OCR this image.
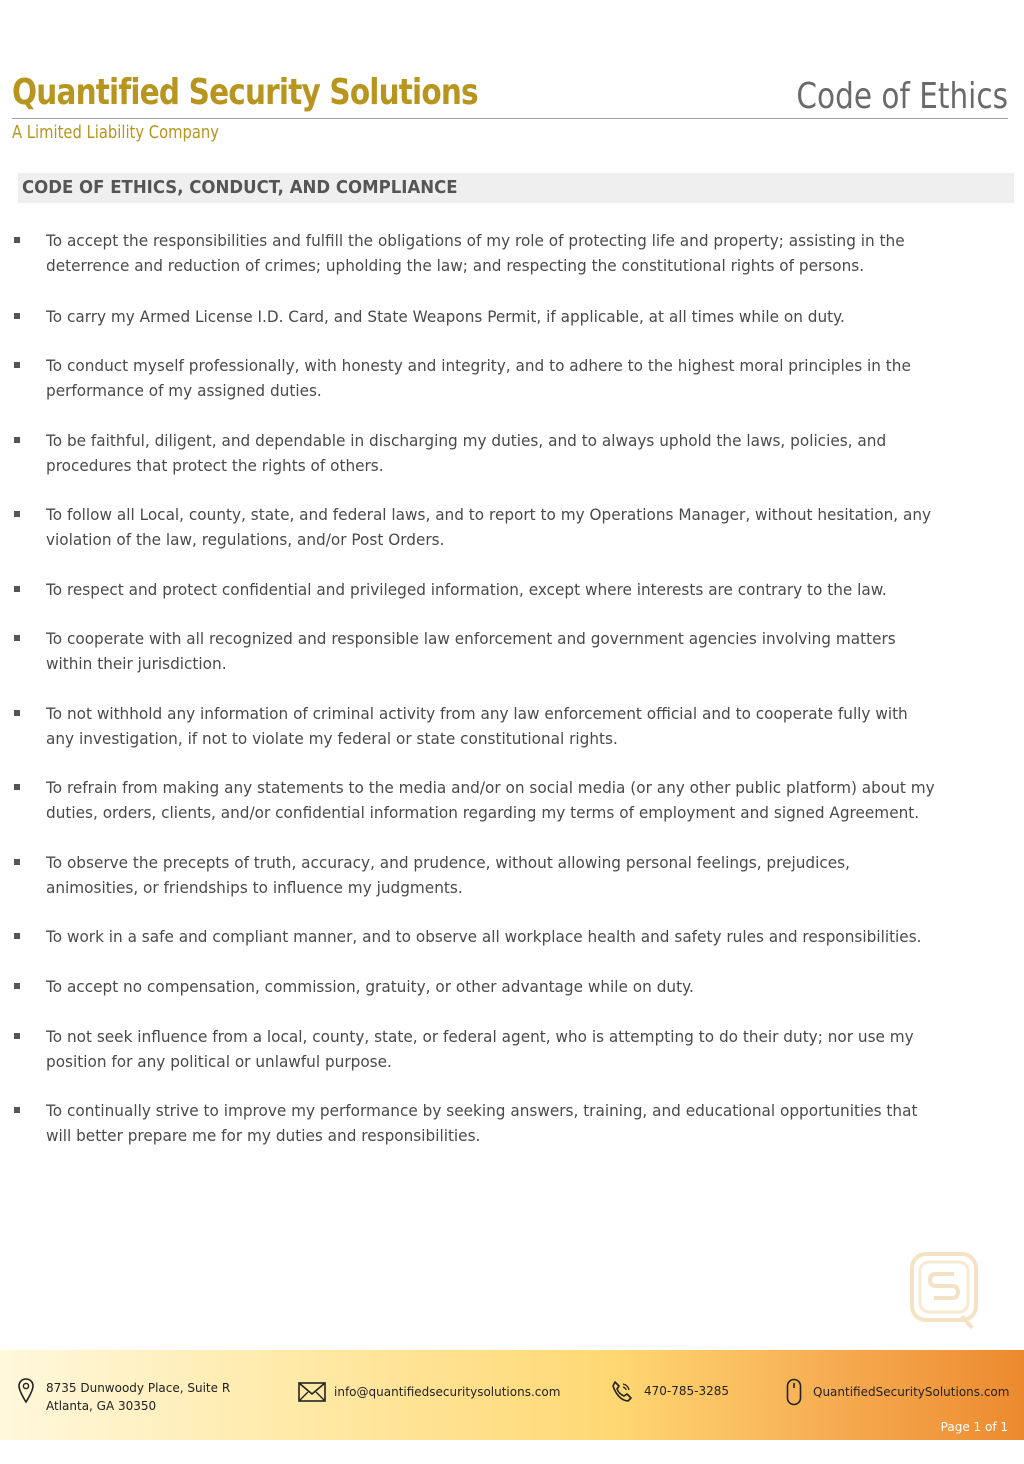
Quantified Security Solutions
A Limited Liability Company
Code of Ethics
CODE OF ETHICS, CONDUCT, AND COMPLIANCE
To accept the responsibilities and fulfill the obligations of my role of protecting life and property; assisting in the
deterrence and reduction of crimes; upholding the law; and respecting the constitutional rights of persons.
To carry my Armed License I.D. Card, and State Weapons Permit, if applicable, at all times while on duty.
To conduct myself professionally, with honesty and integrity, and to adhere to the highest moral principles in the
performance of my assigned duties.
To be faithful, diligent, and dependable in discharging my duties, and to always uphold the laws, policies, and
procedures that protect the rights of others.
To follow all Local, county, state, and federal laws, and to report to my Operations Manager, without hesitation, any
violation of the law, regulations, and/or Post Orders.
To respect and protect confidential and privileged information, except where interests are contrary to the law.
To cooperate with all recognized and responsible law enforcement and government agencies involving matters
within their jurisdiction.
To not withhold any information of criminal activity from any law enforcement official and to cooperate fully with
any investigation, if not to violate my federal or state constitutional rights.
To refrain from making any statements to the media and/or on social media (or any other public platform) about my
duties, orders, clients, and/or confidential information regarding my terms of employment and signed Agreement.
To observe the precepts of truth, accuracy, and prudence, without allowing personal feelings, prejudices,
animosities, or friendships to influence my judgments.
To work in a safe and compliant manner, and to observe all workplace health and safety rules and responsibilities.
To accept no compensation, commission, gratuity, or other advantage while on duty.
To not seek influence from a local, county, state, or federal agent, who is attempting to do their duty; nor use my
position for any political or unlawful purpose.
To continually strive to improve my performance by seeking answers, training, and educational opportunities that
will better prepare me for my duties and responsibilities.
8735 Dunwoody Place, Suite R
Atlanta, GA 30350
info@quantifiedsecuritysolutions.com	470-785-3285	QuantifiedSecuritySolutions.com
Page 1 of 1
